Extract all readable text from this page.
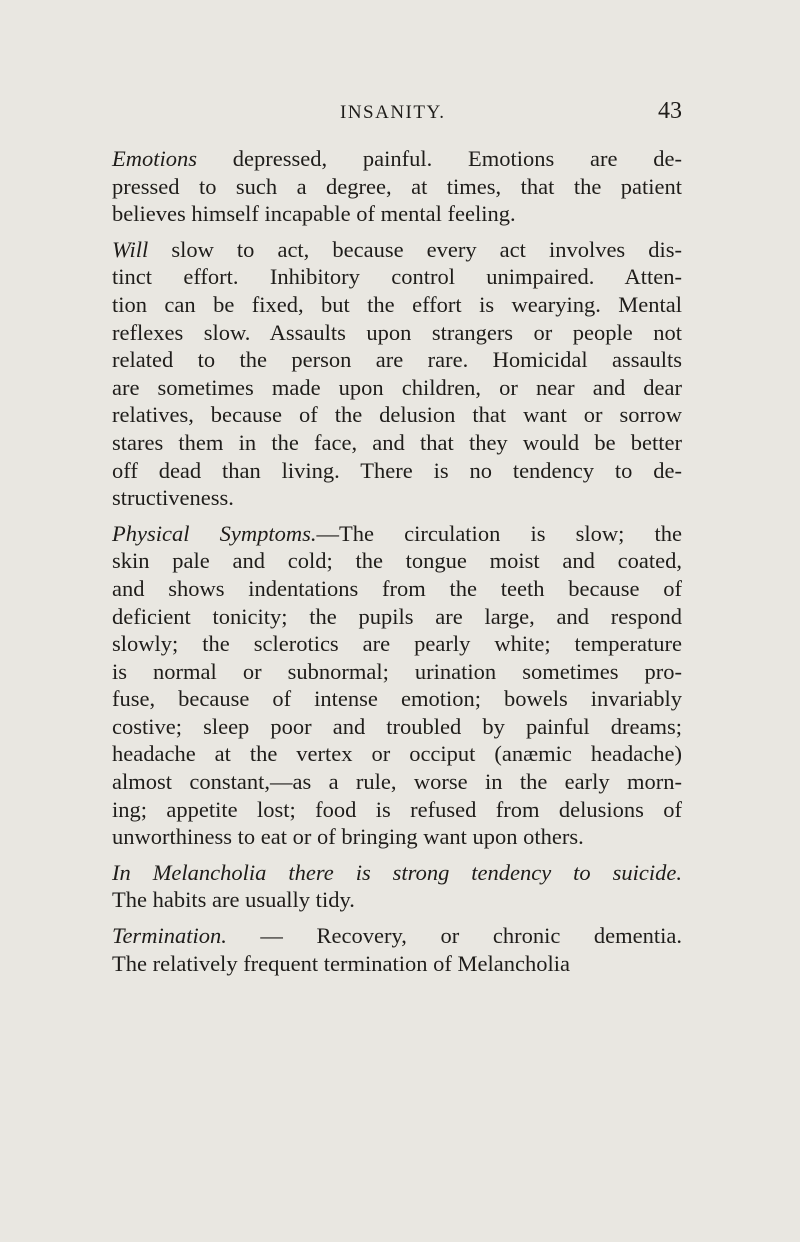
INSANITY.	43

Emotions depressed, painful. Emotions are de-
pressed to such a degree, at times, that the patient
believes himself incapable of mental feeling.

Will slow to act, because every act involves dis-
tinct effort. Inhibitory control unimpaired. Atten-
tion can be fixed, but the effort is wearying. Mental
reflexes slow. Assaults upon strangers or people not
related to the person are rare. Homicidal assaults
are sometimes made upon children, or near and dear
relatives, because of the delusion that want or sorrow
stares them in the face, and that they would be better
off dead than living. There is no tendency to de-
structiveness.

Physical Symptoms.—The circulation is slow; the
skin pale and cold; the tongue moist and coated,
and shows indentations from the teeth because of
deficient tonicity; the pupils are large, and respond
slowly; the sclerotics are pearly white; temperature
is normal or subnormal; urination sometimes pro-
fuse, because of intense emotion; bowels invariably
costive; sleep poor and troubled by painful dreams;
headache at the vertex or occiput (anæmic headache)
almost constant,—as a rule, worse in the early morn-
ing; appetite lost; food is refused from delusions of
unworthiness to eat or of bringing want upon others.

In Melancholia there is strong tendency to suicide.
The habits are usually tidy.

Termination. — Recovery, or chronic dementia.
The relatively frequent termination of Melancholia
